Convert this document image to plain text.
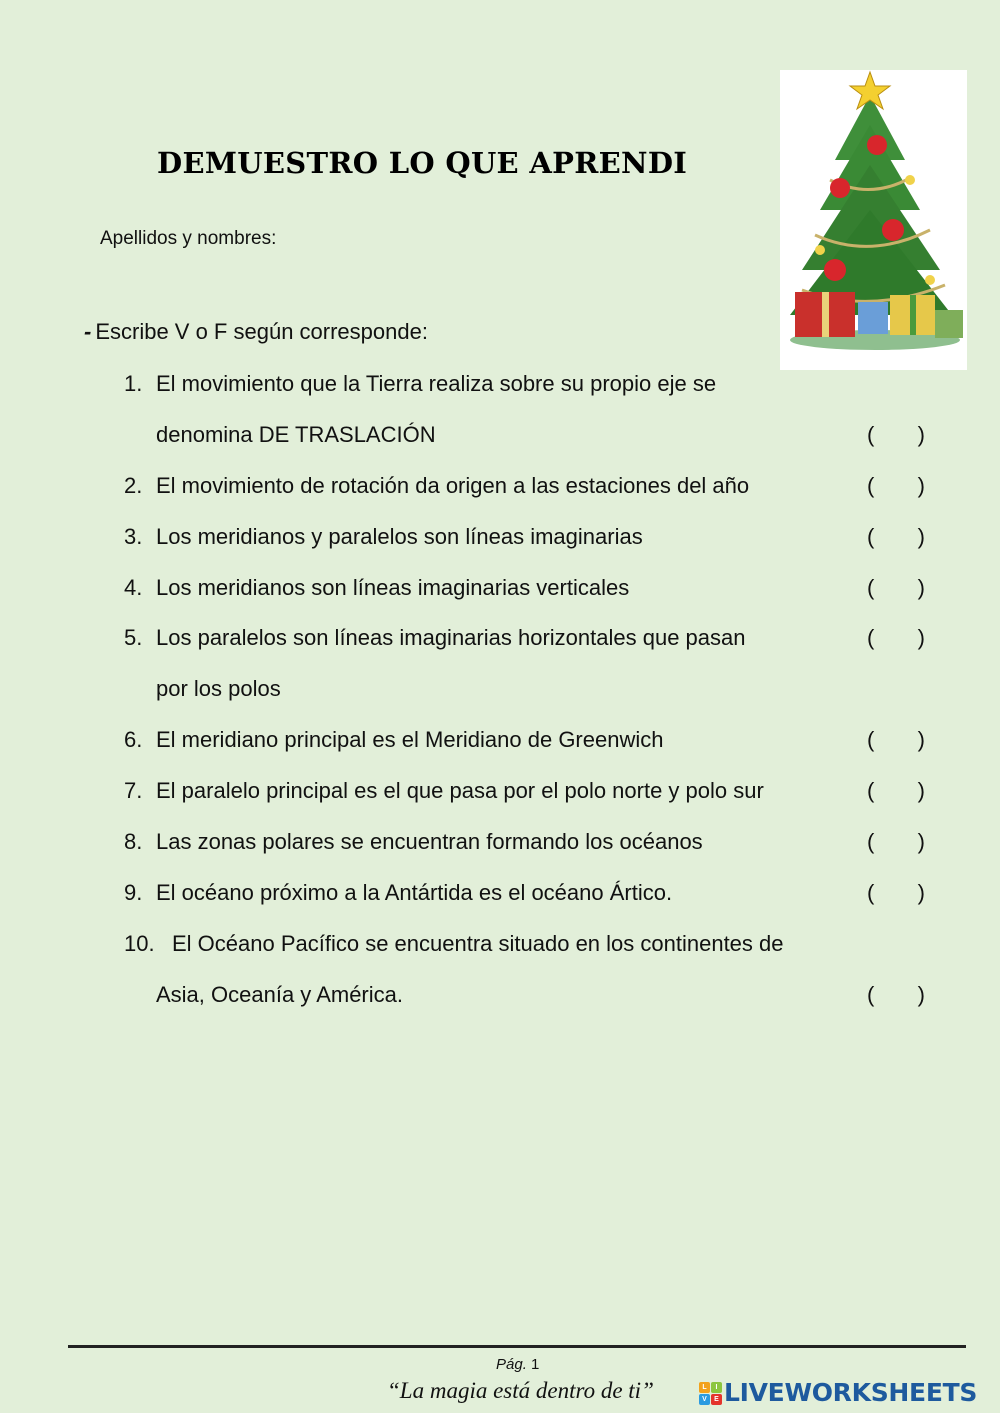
DEMUESTRO LO QUE APRENDI
Apellidos y nombres:
- Escribe V o F según corresponde:
1. El movimiento que la Tierra realiza sobre su propio eje se
denomina DE TRASLACIÓN	( )
2. El movimiento de rotación da origen a las estaciones del año	( )
3. Los meridianos y paralelos son líneas imaginarias	( )
4. Los meridianos son líneas imaginarias verticales	( )
5. Los paralelos son líneas imaginarias horizontales que pasan	( )
por los polos
6. El meridiano principal es el Meridiano de Greenwich	( )
7. El paralelo principal es el que pasa por el polo norte y polo sur	( )
8. Las zonas polares se encuentran formando los océanos	( )
9. El océano próximo a la Antártida es el océano Ártico.	( )
10. El Océano Pacífico se encuentra situado en los continentes de
Asia, Oceanía y América.	( )
Pág. 1
“La magia está dentro de ti”	L	I
V	E LIVEWORKSHEETS
